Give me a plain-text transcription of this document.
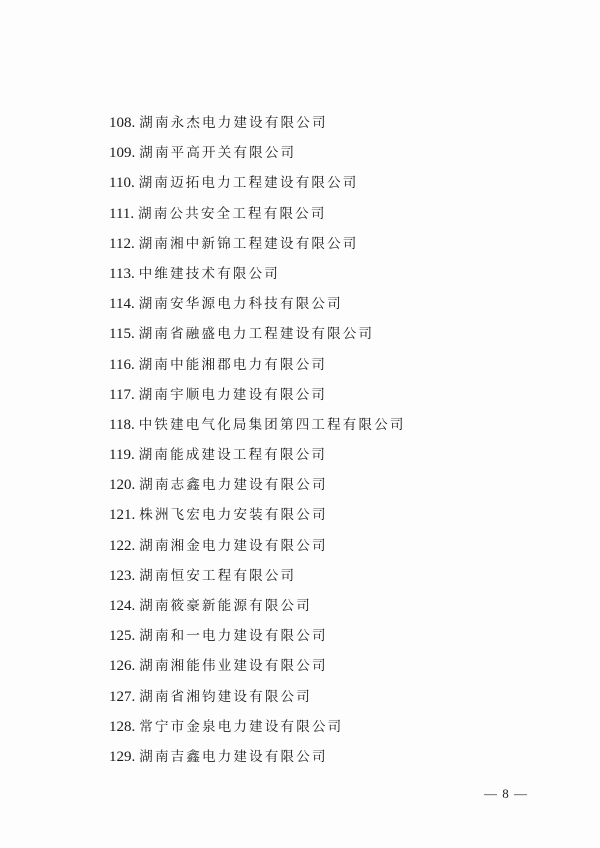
108. 湖南永杰电力建设有限公司
109. 湖南平高开关有限公司
110. 湖南迈拓电力工程建设有限公司
111. 湖南公共安全工程有限公司
112. 湖南湘中新锦工程建设有限公司
113. 中维建技术有限公司
114. 湖南安华源电力科技有限公司
115. 湖南省融盛电力工程建设有限公司
116. 湖南中能湘郡电力有限公司
117. 湖南宇顺电力建设有限公司
118. 中铁建电气化局集团第四工程有限公司
119. 湖南能成建设工程有限公司
120. 湖南志鑫电力建设有限公司
121. 株洲飞宏电力安装有限公司
122. 湖南湘金电力建设有限公司
123. 湖南恒安工程有限公司
124. 湖南筱豪新能源有限公司
125. 湖南和一电力建设有限公司
126. 湖南湘能伟业建设有限公司
127. 湖南省湘钧建设有限公司
128. 常宁市金泉电力建设有限公司
129. 湖南吉鑫电力建设有限公司
— 8 —
